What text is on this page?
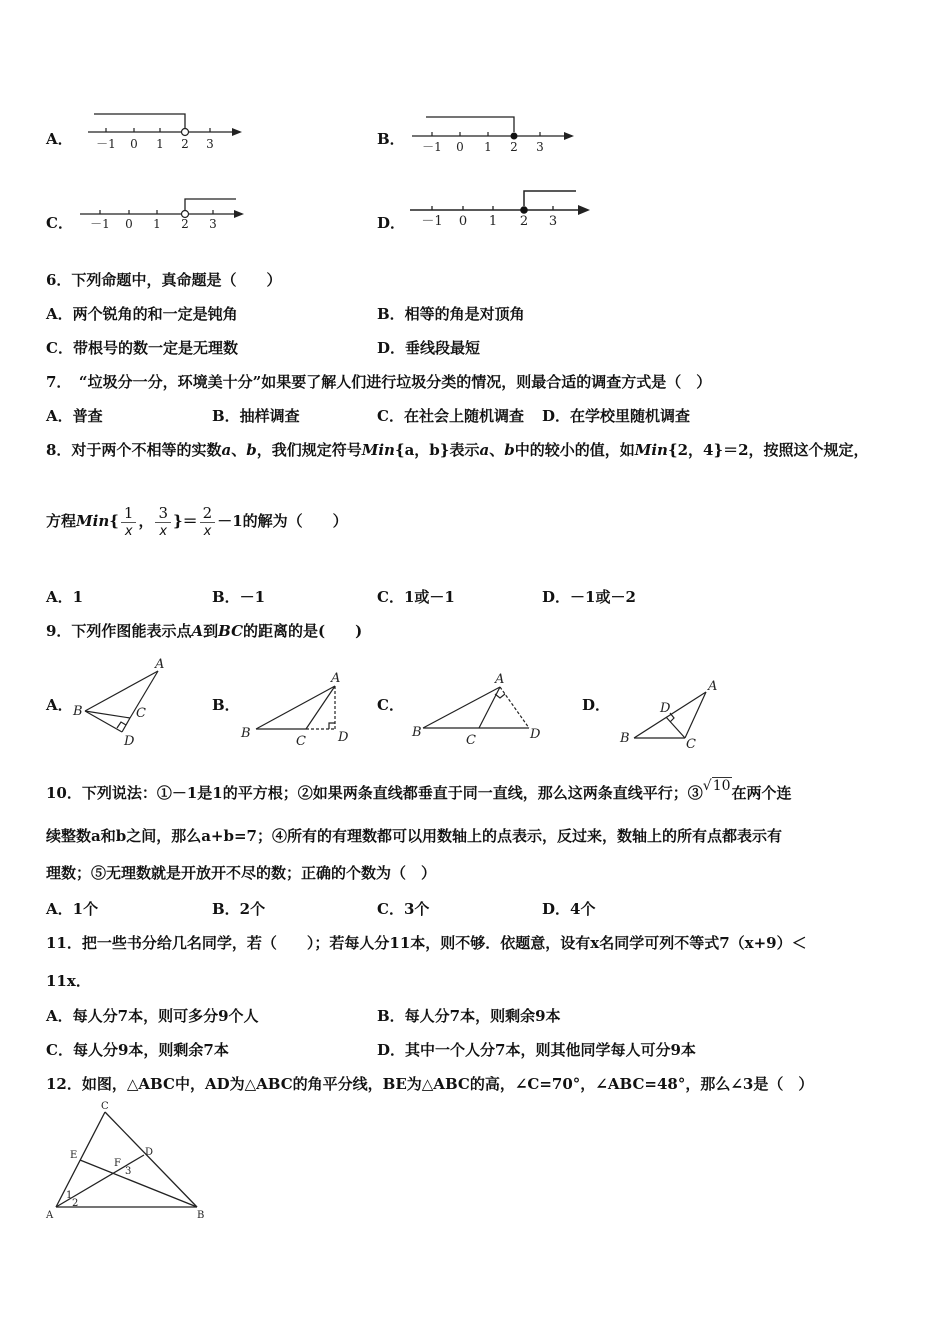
A． －1 0 1 2 3	B． －1 0 1 2 3
C． －1 0 1 2 3	D． －1 0 1 2 3
6．下列命题中，真命题是（　　）
A．两个锐角的和一定是钝角	B．相等的角是对顶角
C．带根号的数一定是无理数	D．垂线段最短
7．　“垃圾分一分，环境美十分”如果要了解人们进行垃圾分类的情况，则最合适的调查方式是（　）
A．普查	B．抽样调查	C．在社会上随机调查 D．在学校里随机调查
8．对于两个不相等的实数a、b，我们规定符号Min{a，b}表示a、b中的较小的值，如Min{2，4}＝2，按照这个规定，
方程$Min\{ \frac{1}{x}$ ， $\frac{3}{x}$ }＝ $\frac{2}{x} -1$的解为（　　）
A．1	B．－1	C．1或－1	D．－1或－2
9．下列作图能表示点A到BC的距离的是(　　)
A．
A
B	C
D
B．
A
B
C D
C．
A
B
C	D
D．
A
D
B	C
10．下列说法：①－1是1的平方根；②如果两条直线都垂直于同一直线，那么这两条直线平行；③√10在两个连
续整数a和b之间，那么a+b=7；④所有的有理数都可以用数轴上的点表示，反过来，数轴上的所有点都表示有
理数；⑤无理数就是开放开不尽的数；正确的个数为（　）
A．1个	B．2个	C．3个	D．4个
11．把一些书分给几名同学，若（　　）；若每人分11本，则不够．依题意，设有x名同学可列不等式7（x+9）＜
11x．
A．每人分7本，则可多分9个人	B．每人分7本，则剩余9本
C．每人分9本，则剩余7本	D．其中一个人分7本，则其他同学每人可分9本
12．如图，△ABC中，AD为△ABC的角平分线，BE为△ABC的高，∠C=70°，∠ABC=48°，那么∠3是（　）
C
E	D
F
3
1
2
A	B
